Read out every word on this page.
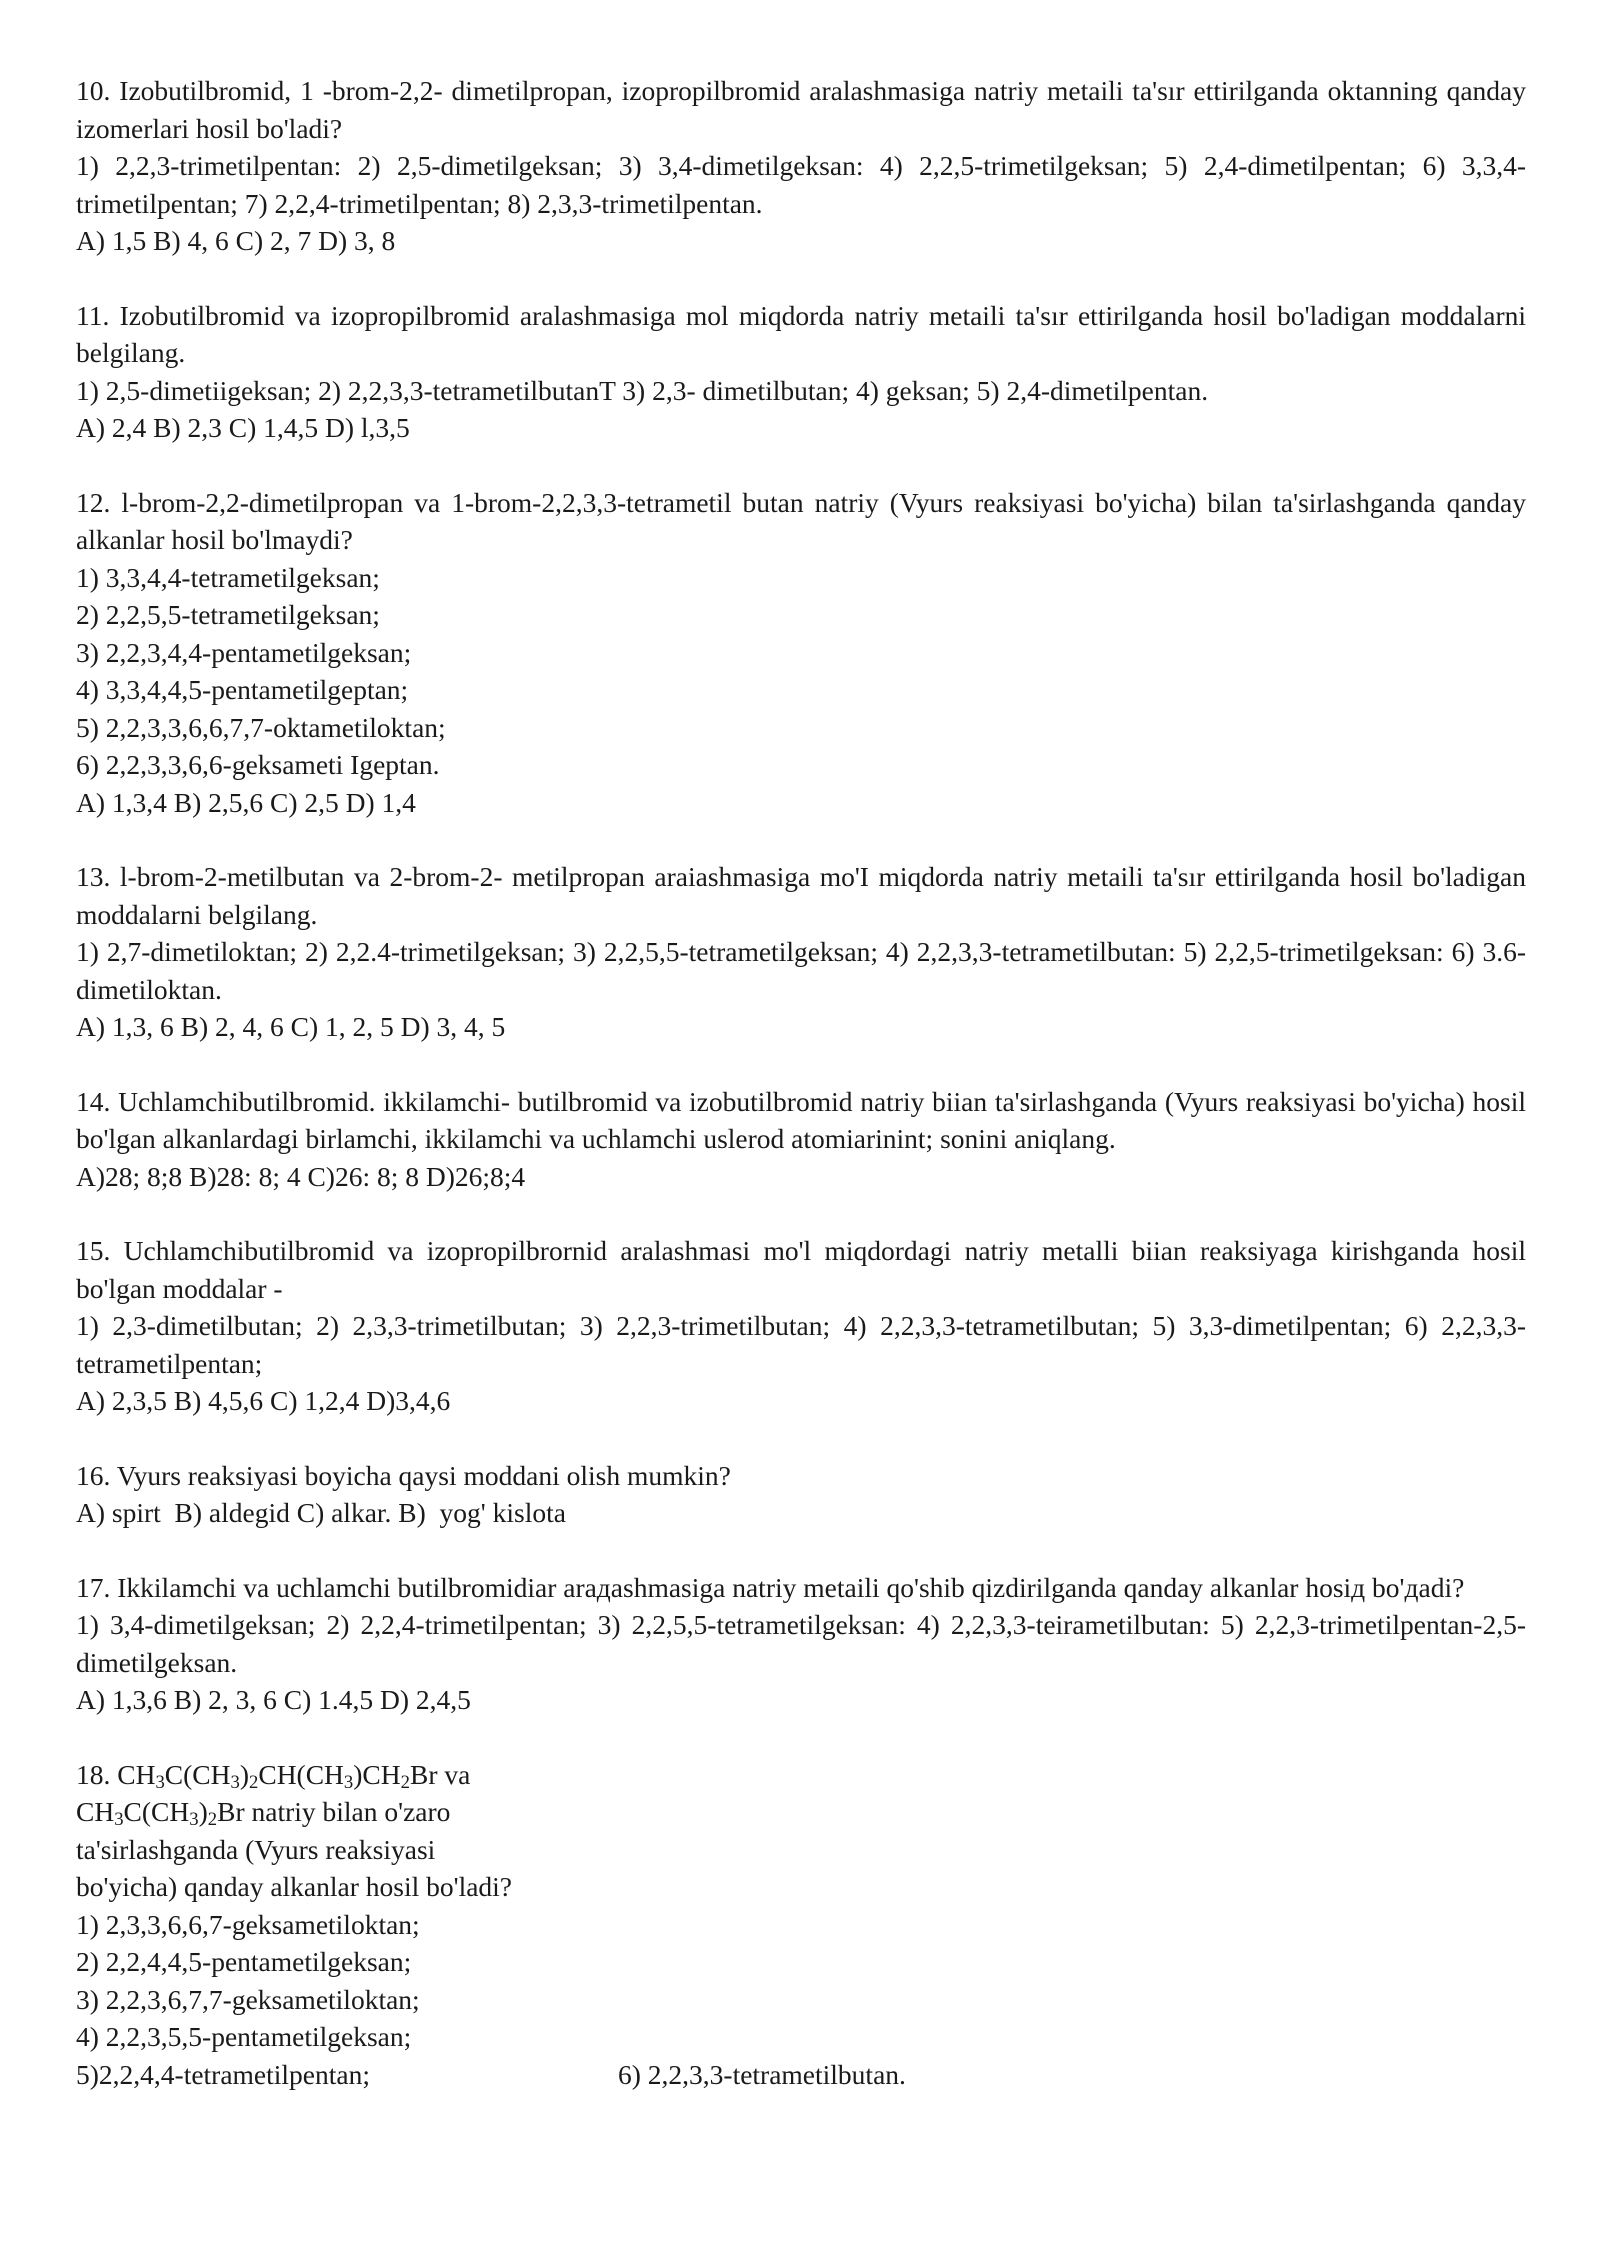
10. Izobutilbromid, 1 -brom-2,2- dimetilpropan, izopropilbromid aralashmasiga natriy metaili ta'sır ettirilganda oktanning qanday izomerlari hosil bo'ladi?

1) 2,2,3-trimetilpentan: 2) 2,5-dimetilgeksan; 3) 3,4-dimetilgeksan: 4) 2,2,5-trimetilgeksan; 5) 2,4-dimetilpentan; 6) 3,3,4-trimetilpentan; 7) 2,2,4-trimetilpentan; 8) 2,3,3-trimetilpentan.

A) 1,5 B) 4, 6 C) 2, 7 D) 3, 8

11. Izobutilbromid va izopropilbromid aralashmasiga mol miqdorda natriy metaili ta'sır ettirilganda hosil bo'ladigan moddalarni belgilang.

1) 2,5-dimetiigeksan; 2) 2,2,3,3-tetrametilbutanT 3) 2,3- dimetilbutan; 4) geksan; 5) 2,4-dimetilpentan.

A) 2,4 B) 2,3 C) 1,4,5 D) l,3,5

12. l-brom-2,2-dimetilpropan va 1-brom-2,2,3,3-tetrametil butan natriy (Vyurs reaksiyasi bo'yicha) bilan ta'sirlashganda qanday alkanlar hosil bo'lmaydi?

1) 3,3,4,4-tetrametilgeksan;

2) 2,2,5,5-tetrametilgeksan;

3) 2,2,3,4,4-pentametilgeksan;

4) 3,3,4,4,5-pentametilgeptan;

5) 2,2,3,3,6,6,7,7-oktametiloktan;

6) 2,2,3,3,6,6-geksameti Igeptan.

A) 1,3,4 B) 2,5,6 C) 2,5 D) 1,4

13. l-brom-2-metilbutan va 2-brom-2- metilpropan araiashmasiga mo'I miqdorda natriy metaili ta'sır ettirilganda hosil bo'ladigan moddalarni belgilang.

1) 2,7-dimetiloktan; 2) 2,2.4-trimetilgeksan; 3) 2,2,5,5-tetrametilgeksan; 4) 2,2,3,3-tetrametilbutan: 5) 2,2,5-trimetilgeksan: 6) 3.6-dimetiloktan.

A) 1,3, 6 B) 2, 4, 6 C) 1, 2, 5 D) 3, 4, 5

14. Uchlamchibutilbromid. ikkilamchi- butilbromid va izobutilbromid natriy biian ta'sirlashganda (Vyurs reaksiyasi bo'yicha) hosil bo'lgan alkanlardagi birlamchi, ikkilamchi va uchlamchi uslerod atomiarinint; sonini aniqlang.

A)28; 8;8 B)28: 8; 4 C)26: 8; 8 D)26;8;4

15. Uchlamchibutilbromid va izopropilbrornid aralashmasi mo'l miqdordagi natriy metalli biian reaksiyaga kirishganda hosil bo'lgan moddalar -

1) 2,3-dimetilbutan; 2) 2,3,3-trimetilbutan; 3) 2,2,3-trimetilbutan; 4) 2,2,3,3-tetrametilbutan; 5) 3,3-dimetilpentan; 6) 2,2,3,3-tetrametilpentan;

A) 2,3,5 B) 4,5,6 C) 1,2,4 D)3,4,6

16. Vyurs reaksiyasi boyicha qaysi moddani olish mumkin?

A) spirt  B) aldegid C) alkar. B)  yog' kislota

17. Ikkilamchi va uchlamchi butilbromidiar araдashmasiga natriy metaili qo'shib qizdirilganda qanday alkanlar hosiд bo'дadi?

1) 3,4-dimetilgeksan; 2) 2,2,4-trimetilpentan; 3) 2,2,5,5-tetrametilgeksan: 4) 2,2,3,3-teirametilbutan: 5) 2,2,3-trimetilpentan-2,5-dimetilgeksan.

A) 1,3,6 B) 2, 3, 6 C) 1.4,5 D) 2,4,5

18. $CH_3C(CH_3)_2CH(CH_3)CH_2Br$ va
$CH_3C(CH_3)_2Br$ natriy bilan o'zaro
ta'sirlashganda (Vyurs reaksiyasi
bo'yicha) qanday alkanlar hosil bo'ladi?

1) 2,3,3,6,6,7-geksametiloktan;

2) 2,2,4,4,5-pentametilgeksan;

3) 2,2,3,6,7,7-geksametiloktan;

4) 2,2,3,5,5-pentametilgeksan;

5)2,2,4,4-tetrametilpentan;	6) 2,2,3,3-tetrametilbutan.
